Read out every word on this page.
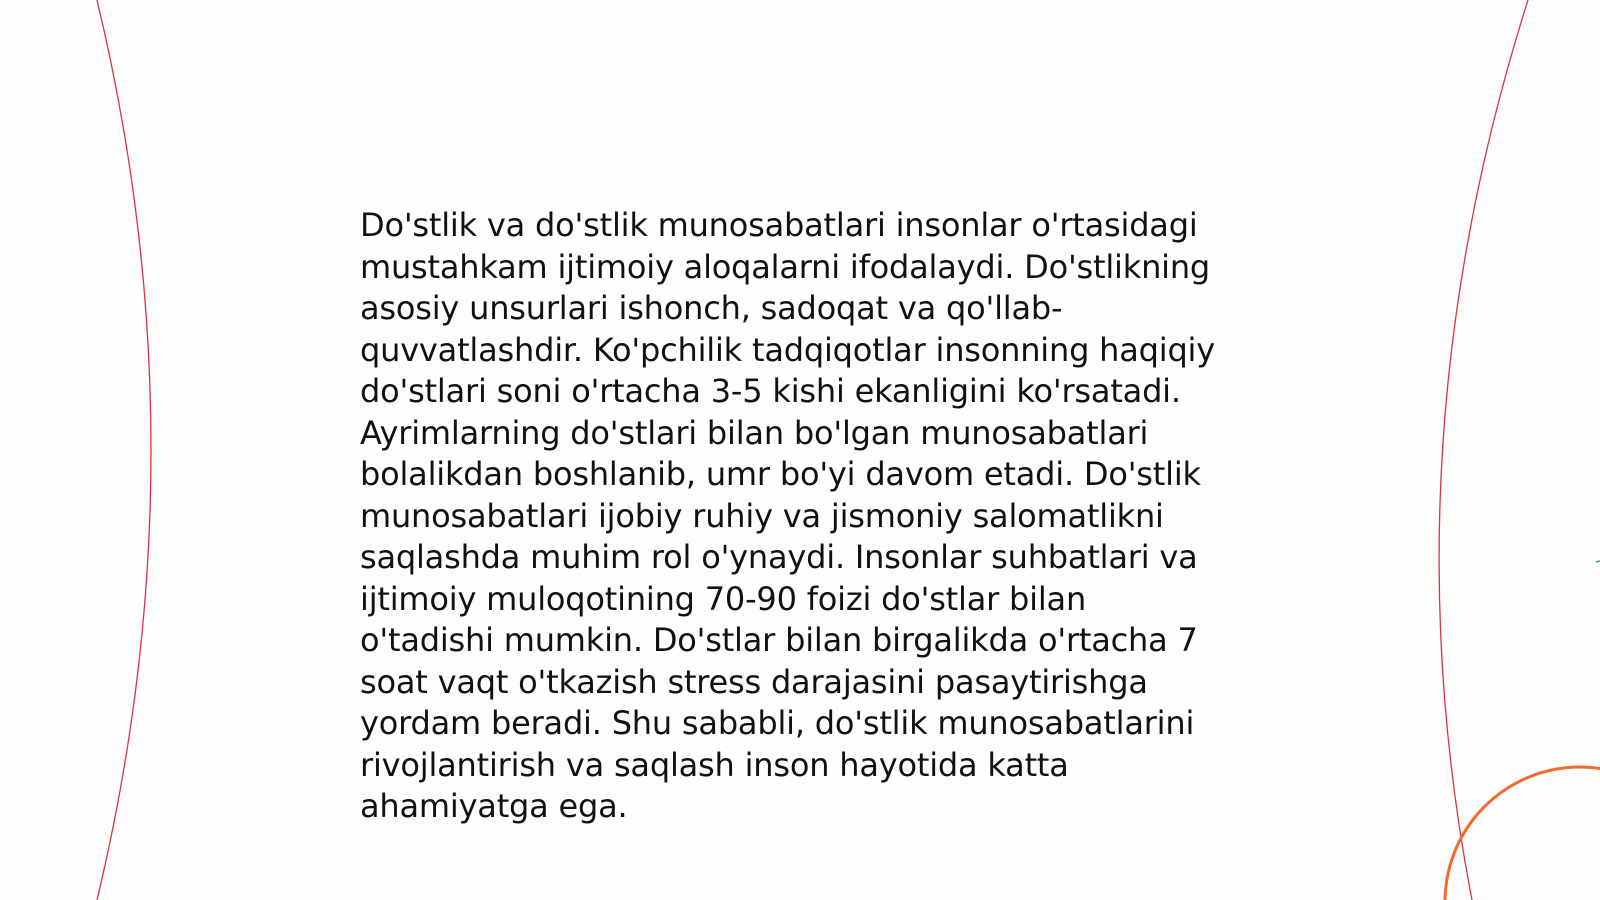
Do'stlik va do'stlik munosabatlari insonlar o'rtasidagi
mustahkam ijtimoiy aloqalarni ifodalaydi. Do'stlikning
asosiy unsurlari ishonch, sadoqat va qo'llab-
quvvatlashdir. Ko'pchilik tadqiqotlar insonning haqiqiy
do'stlari soni o'rtacha 3-5 kishi ekanligini ko'rsatadi.
Ayrimlarning do'stlari bilan bo'lgan munosabatlari
bolalikdan boshlanib, umr bo'yi davom etadi. Do'stlik
munosabatlari ijobiy ruhiy va jismoniy salomatlikni
saqlashda muhim rol o'ynaydi. Insonlar suhbatlari va
ijtimoiy muloqotining 70-90 foizi do'stlar bilan
o'tadishi mumkin. Do'stlar bilan birgalikda o'rtacha 7
soat vaqt o'tkazish stress darajasini pasaytirishga
yordam beradi. Shu sababli, do'stlik munosabatlarini
rivojlantirish va saqlash inson hayotida katta
ahamiyatga ega.
